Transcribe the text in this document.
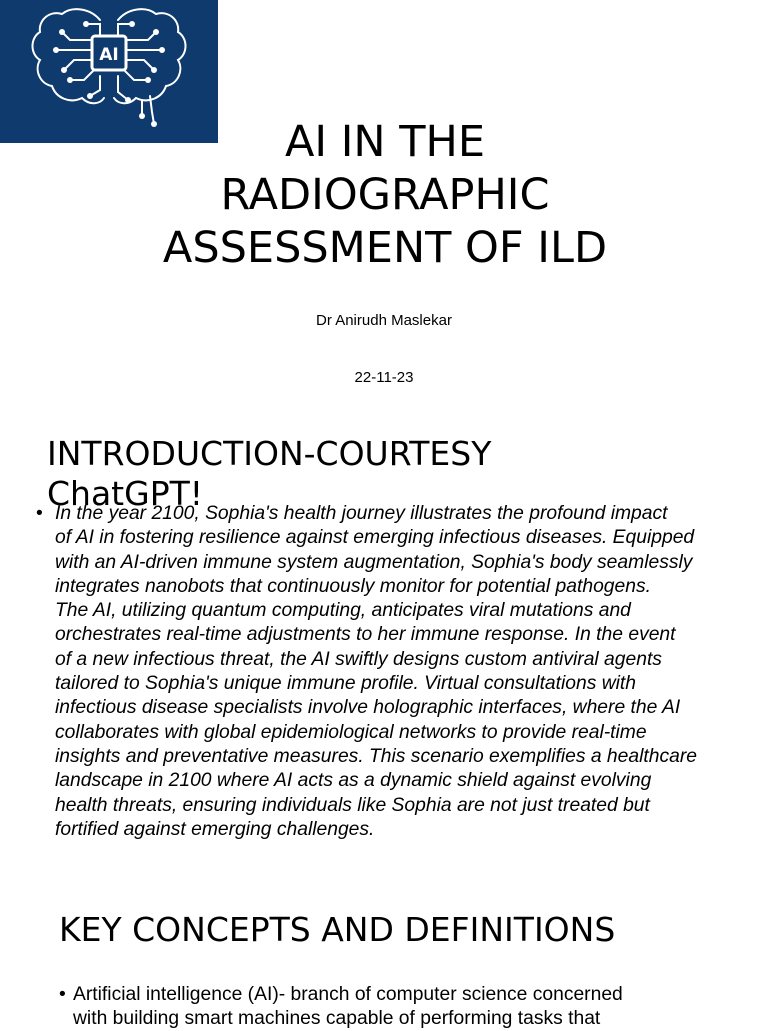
AI
AI IN THE
RADIOGRAPHIC
ASSESSMENT OF ILD
Dr Anirudh Maslekar
22-11-23
INTRODUCTION-COURTESY
ChatGPT!
• In the year 2100, Sophia's health journey illustrates the profound impact
of AI in fostering resilience against emerging infectious diseases. Equipped
with an AI-driven immune system augmentation, Sophia's body seamlessly
integrates nanobots that continuously monitor for potential pathogens.
The AI, utilizing quantum computing, anticipates viral mutations and
orchestrates real-time adjustments to her immune response. In the event
of a new infectious threat, the AI swiftly designs custom antiviral agents
tailored to Sophia's unique immune profile. Virtual consultations with
infectious disease specialists involve holographic interfaces, where the AI
collaborates with global epidemiological networks to provide real-time
insights and preventative measures. This scenario exemplifies a healthcare
landscape in 2100 where AI acts as a dynamic shield against evolving
health threats, ensuring individuals like Sophia are not just treated but
fortified against emerging challenges.
KEY CONCEPTS AND DEFINITIONS
• Artificial intelligence (AI)- branch of computer science concerned
with building smart machines capable of performing tasks that
